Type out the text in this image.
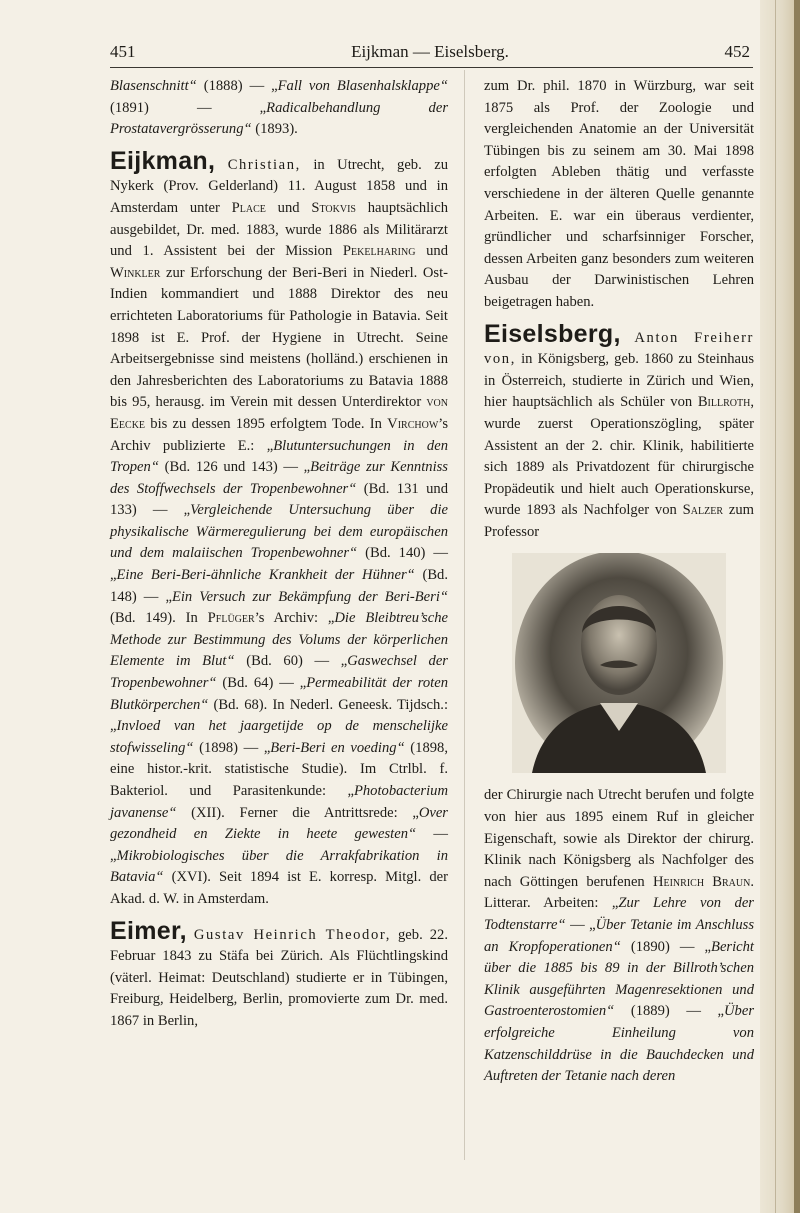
451	Eijkman — Eiselsberg.	452

Blasenschnitt“ (1888) — „Fall von Blasenhalsklappe“ (1891) — „Radicalbehandlung der Prostatavergrösserung“ (1893).

Eijkman, Christian, in Utrecht, geb. zu Nykerk (Prov. Gelderland) 11. August 1858 und in Amsterdam unter Place und Stokvis hauptsächlich ausgebildet, Dr. med. 1883, wurde 1886 als Militärarzt und 1. Assistent bei der Mission Pekelharing und Winkler zur Erforschung der Beri-Beri in Niederl. Ost-Indien kommandiert und 1888 Direktor des neu errichteten Laboratoriums für Pathologie in Batavia. Seit 1898 ist E. Prof. der Hygiene in Utrecht. Seine Arbeitsergebnisse sind meistens (holländ.) erschienen in den Jahresberichten des Laboratoriums zu Batavia 1888 bis 95, herausg. im Verein mit dessen Unterdirektor von Eecke bis zu dessen 1895 erfolgtem Tode. In Virchow’s Archiv publizierte E.: „Blutuntersuchungen in den Tropen“ (Bd. 126 und 143) — „Beiträge zur Kenntniss des Stoffwechsels der Tropenbewohner“ (Bd. 131 und 133) — „Vergleichende Untersuchung über die physikalische Wärmeregulierung bei dem europäischen und dem malaiischen Tropenbewohner“ (Bd. 140) — „Eine Beri-Beri-ähnliche Krankheit der Hühner“ (Bd. 148) — „Ein Versuch zur Bekämpfung der Beri-Beri“ (Bd. 149). In Pflüger’s Archiv: „Die Bleibtreu’sche Methode zur Bestimmung des Volums der körperlichen Elemente im Blut“ (Bd. 60) — „Gaswechsel der Tropenbewohner“ (Bd. 64) — „Permeabilität der roten Blutkörperchen“ (Bd. 68). In Nederl. Geneesk. Tijdsch.: „Invloed van het jaargetijde op de menschelijke stofwisseling“ (1898) — „Beri-Beri en voeding“ (1898, eine histor.-krit. statistische Studie). Im Ctrlbl. f. Bakteriol. und Parasitenkunde: „Photobacterium javanense“ (XII). Ferner die Antrittsrede: „Over gezondheid en Ziekte in heete gewesten“ — „Mikrobiologisches über die Arrakfabrikation in Batavia“ (XVI). Seit 1894 ist E. korresp. Mitgl. der Akad. d. W. in Amsterdam.

Eimer, Gustav Heinrich Theodor, geb. 22. Februar 1843 zu Stäfa bei Zürich. Als Flüchtlingskind (väterl. Heimat: Deutschland) studierte er in Tübingen, Freiburg, Heidelberg, Berlin, promovierte zum Dr. med. 1867 in Berlin,

zum Dr. phil. 1870 in Würzburg, war seit 1875 als Prof. der Zoologie und vergleichenden Anatomie an der Universität Tübingen bis zu seinem am 30. Mai 1898 erfolgten Ableben thätig und verfasste verschiedene in der älteren Quelle genannte Arbeiten. E. war ein überaus verdienter, gründlicher und scharfsinniger Forscher, dessen Arbeiten ganz besonders zum weiteren Ausbau der Darwinistischen Lehren beigetragen haben.

Eiselsberg, Anton Freiherr von, in Königsberg, geb. 1860 zu Steinhaus in Österreich, studierte in Zürich und Wien, hier hauptsächlich als Schüler von Billroth, wurde zuerst Operationszögling, später Assistent an der 2. chir. Klinik, habilitierte sich 1889 als Privatdozent für chirurgische Propädeutik und hielt auch Operationskurse, wurde 1893 als Nachfolger von Salzer zum Professor

der Chirurgie nach Utrecht berufen und folgte von hier aus 1895 einem Ruf in gleicher Eigenschaft, sowie als Direktor der chirurg. Klinik nach Königsberg als Nachfolger des nach Göttingen berufenen Heinrich Braun. Litterar. Arbeiten: „Zur Lehre von der Todtenstarre“ — „Über Tetanie im Anschluss an Kropfoperationen“ (1890) — „Bericht über die 1885 bis 89 in der Billroth’schen Klinik ausgeführten Magenresektionen und Gastroenterostomien“ (1889) — „Über erfolgreiche Einheilung von Katzenschilddrüse in die Bauchdecken und Auftreten der Tetanie nach deren
